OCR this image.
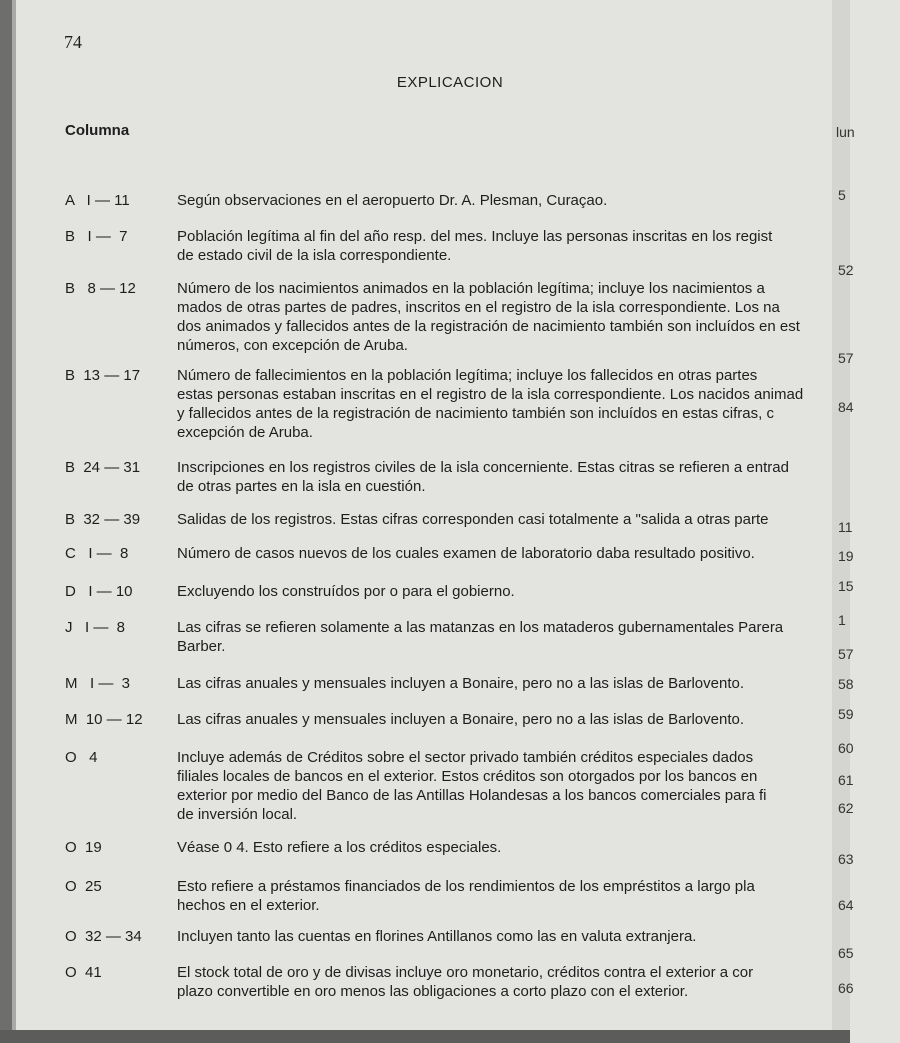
74
EXPLICACION
Columna
A   I — 11	Según observaciones en el aeropuerto Dr. A. Plesman, Curaçao.
B   I —  7	Población legítima al fin del año resp. del mes. Incluye las personas inscritas en los regist
de estado civil de la isla correspondiente.
B   8 — 12	Número de los nacimientos animados en la población legítima; incluye los nacimientos a
mados de otras partes de padres, inscritos en el registro de la isla correspondiente. Los na
dos animados y fallecidos antes de la registración de nacimiento también son incluídos en est
números, con excepción de Aruba.
B  13 — 17 Número de fallecimientos en la población legítima; incluye los fallecidos en otras partes
estas personas estaban inscritas en el registro de la isla correspondiente. Los nacidos animad
y fallecidos antes de la registración de nacimiento también son incluídos en estas cifras, c
excepción de Aruba.
B  24 — 31 Inscripciones en los registros civiles de la isla concerniente. Estas citras se refieren a entrad
de otras partes en la isla en cuestión.
B  32 — 39 Salidas de los registros. Estas cifras corresponden casi totalmente a "salida a otras parte
C   I —  8	Número de casos nuevos de los cuales examen de laboratorio daba resultado positivo.
D   I — 10	Excluyendo los construídos por o para el gobierno.
J   I —  8	Las cifras se refieren solamente a las matanzas en los mataderos gubernamentales Parera
Barber.
M   I —  3	Las cifras anuales y mensuales incluyen a Bonaire, pero no a las islas de Barlovento.
M  10 — 12 Las cifras anuales y mensuales incluyen a Bonaire, pero no a las islas de Barlovento.
O   4	Incluye además de Créditos sobre el sector privado también créditos especiales dados
filiales locales de bancos en el exterior. Estos créditos son otorgados por los bancos en
exterior por medio del Banco de las Antillas Holandesas a los bancos comerciales para fi
de inversión local.
O  19	Véase 0 4. Esto refiere a los créditos especiales.
O  25	Esto refiere a préstamos financiados de los rendimientos de los empréstitos a largo pla
hechos en el exterior.
O  32 — 34 Incluyen tanto las cuentas en florines Antillanos como las en valuta extranjera.
O  41	El stock total de oro y de divisas incluye oro monetario, créditos contra el exterior a cor
plazo convertible en oro menos las obligaciones a corto plazo con el exterior.
lun
5
52
57
84
11
19
15
1
57
58
59
60
61
62
63
64
65
66
